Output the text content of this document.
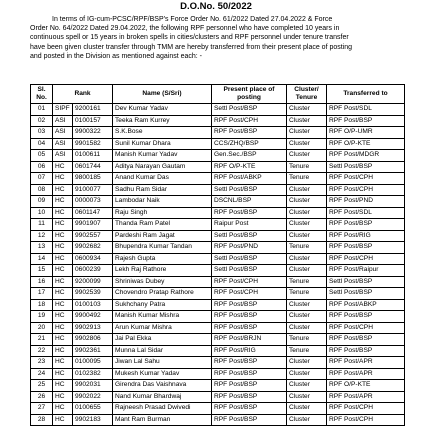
D.O.No. 50/2022
In terms of IG-cum-PCSC/RPF/BSP's Force Order No. 61/2022 Dated 27.04.2022 & Force
Order No. 64/2022 Dated 29.04.2022, the following RPF personnel who have completed 10 years in
continuous spell or 15 years in broken spells in cities/clusters and RPF personnel under tenure transfer
have been given cluster transfer through TMM are hereby transferred from their present place of posting
and posted in the Division as mentioned against each: -
Sl. No.	Rank		Name (S/Sri)	Present place of posting	Cluster/ Tenure	Transferred to
01	SIPF	9200161	Dev Kumar Yadav	Settl Post/BSP	Cluster	RPF Post/SDL
02	ASI	0100157	Teeka Ram Kurrey	RPF Post/CPH	Cluster	RPF Post/BSP
03	ASI	9900322	S.K.Bose	RPF Post/BSP	Cluster	RPF O/P-UMR
04	ASI	9901582	Sunil Kumar Dhara	CCS/ZHQ/BSP	Cluster	RPF O/P-KTE
05	ASI	0100611	Manish Kumar Yadav	Gen.Sec./BSP	Cluster	RPF Post/MDGR
06	HC	0601744	Aditya Narayan Gautam	RPF O/P-KTE	Tenure	Settl Post/BSP
07	HC	9800185	Anand Kumar Das	RPF Post/ABKP	Tenure	RPF Post/CPH
08	HC	9100077	Sadhu Ram Sidar	Settl Post/BSP	Cluster	RPF Post/CPH
09	HC	0000073	Lambodar Naik	DSCNL/BSP	Cluster	RPF Post/PND
10	HC	0601147	Raju Singh	RPF Post/BSP	Cluster	RPF Post/SDL
11	HC	9901907	Thanda Ram Patel	Raipur Post	Cluster	RPF Post/BSP
12	HC	9902557	Pardeshi Ram Jagat	Settl Post/BSP	Cluster	RPF Post/RIG
13	HC	9902682	Bhupendra Kumar Tandan	RPF Post/PND	Tenure	RPF Post/BSP
14	HC	0600934	Rajesh Gupta	Settl Post/BSP	Cluster	RPF Post/CPH
15	HC	0600239	Lekh Raj Rathore	Settl Post/BSP	Cluster	RPF Post/Raipur
16	HC	9200099	Shriniwas Dubey	RPF Post/CPH	Tenure	Settl Post/BSP
17	HC	9902539	Chovendro Pratap Rathore	RPF Post/CPH	Tenure	Settl Post/BSP
18	HC	0100103	Sukhchany Patra	RPF Post/BSP	Cluster	RPF Post/ABKP
19	HC	9900492	Manish Kumar Mishra	RPF Post/BSP	Cluster	RPF Post/BSP
20	HC	9902913	Arun Kumar Mishra	RPF Post/BSP	Cluster	RPF Post/CPH
21	HC	9902806	Jai Pal Ekka	RPF Post/BRJN	Tenure	RPF Post/BSP
22	HC	9902361	Munna Lal Sidar	RPF Post/RIG	Tenure	RPF Post/BSP
23	HC	0100095	Jiwan Lal Sahu	RPF Post/BSP	Cluster	RPF Post/APR
24	HC	0102382	Mukesh Kumar Yadav	RPF Post/BSP	Cluster	RPF Post/APR
25	HC	9902031	Girendra Das Vaishnava	RPF Post/BSP	Cluster	RPF O/P-KTE
26	HC	9902022	Nand Kumar Bhardwaj	RPF Post/BSP	Cluster	RPF Post/APR
27	HC	0100655	Rajneesh Prasad Dwivedi	RPF Post/BSP	Cluster	RPF Post/CPH
28	HC	9902183	Mant Ram Burman	RPF Post/BSP	Cluster	RPF Post/CPH
